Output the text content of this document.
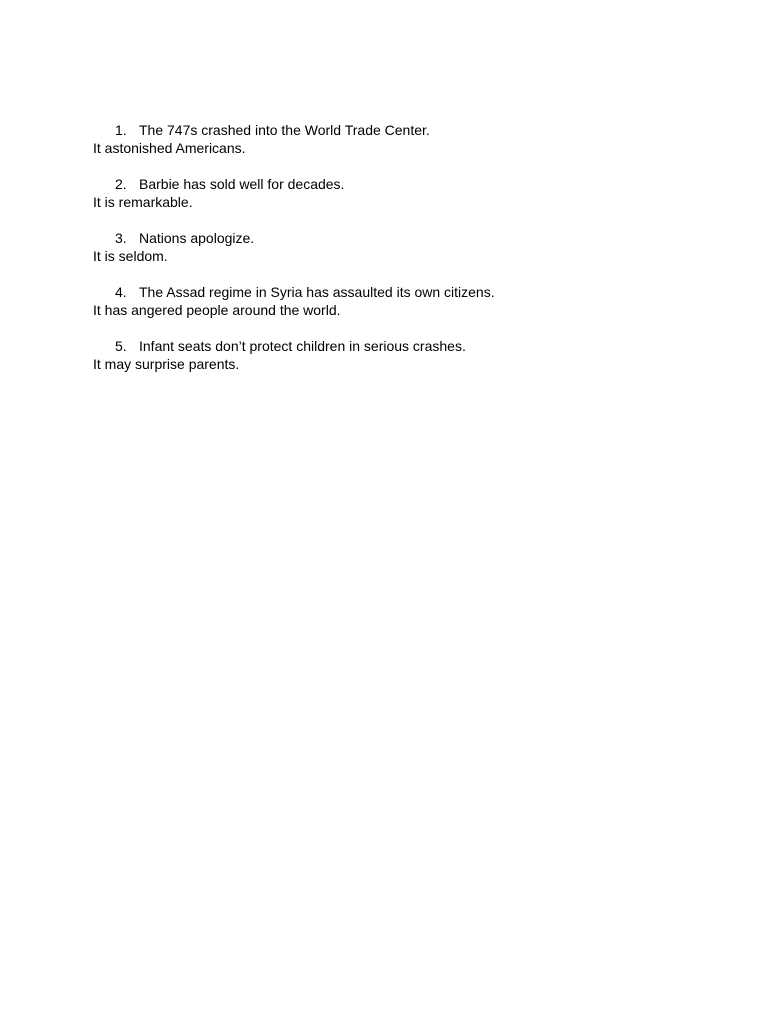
1. The 747s crashed into the World Trade Center.
It astonished Americans.
2. Barbie has sold well for decades.
It is remarkable.
3. Nations apologize.
It is seldom.
4. The Assad regime in Syria has assaulted its own citizens.
It has angered people around the world.
5. Infant seats don’t protect children in serious crashes.
It may surprise parents.
